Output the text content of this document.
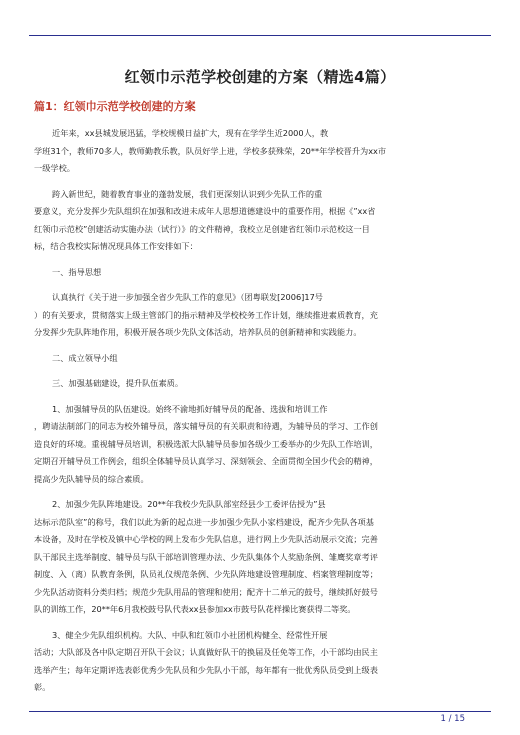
红领巾示范学校创建的方案（精选4篇）
篇1：红领巾示范学校创建的方案

近年来，xx县城发展迅猛，学校规模日益扩大，现有在学学生近2000人，教
学班31个，教师70多人，教师勤教乐教，队员好学上进，学校多获殊荣，20**年学校晋升为xx市
一级学校。

跨入新世纪，随着教育事业的蓬勃发展，我们更深刻认识到少先队工作的重
要意义，充分发挥少先队组织在加强和改进未成年人思想道德建设中的重要作用，根据《”xx省
红领巾示范校”创建活动实施办法（试行）》的文件精神，我校立足创建省红领巾示范校这一目
标，结合我校实际情况现具体工作安排如下：

一、指导思想

认真执行《关于进一步加强全省少先队工作的意见》（团粤联发[2006]17号
）的有关要求，贯彻落实上级主管部门的指示精神及学校校务工作计划，继续推进素质教育，充
分发挥少先队阵地作用，积极开展各项少先队文体活动，培养队员的创新精神和实践能力。

二、成立领导小组

三、加强基础建设，提升队伍素质。

1、加强辅导员的队伍建设。始终不渝地抓好辅导员的配备、选拔和培训工作
，聘请法制部门的同志为校外辅导员，落实辅导员的有关职责和待遇，为辅导员的学习、工作创
造良好的环境。重视辅导员培训，积极选派大队辅导员参加各级少工委举办的少先队工作培训，
定期召开辅导员工作例会，组织全体辅导员认真学习、深刻领会、全面贯彻全国少代会的精神，
提高少先队辅导员的综合素质。

2、加强少先队阵地建设。20**年我校少先队队部室经县少工委评估授为”县
达标示范队室”的称号，我们以此为新的起点进一步加强少先队小家档建设，配齐少先队各项基
本设备，及时在学校及镇中心学校的网上发布少先队信息，进行网上少先队活动展示交流；完善
队干部民主选举制度、辅导员与队干部培训管理办法、少先队集体个人奖励条例、雏鹰奖章考评
制度、入（离）队教育条例，队员礼仪规范条例、少先队阵地建设管理制度、档案管理制度等；
少先队活动资料分类归档；规范少先队用品的管理和使用；配齐十二单元的鼓号，继续抓好鼓号
队的训练工作，20**年6月我校鼓号队代表xx县参加xx市鼓号队花样操比赛获得二等奖。

3、健全少先队组织机构。大队、中队和红领巾小社团机构健全、经常性开展
活动；大队部及各中队定期召开队干会议；认真做好队干的换届及任免等工作，小干部均由民主
选举产生；每年定期评选表彰优秀少先队员和少先队小干部，每年都有一批优秀队员受到上级表
彰。

1 / 15
